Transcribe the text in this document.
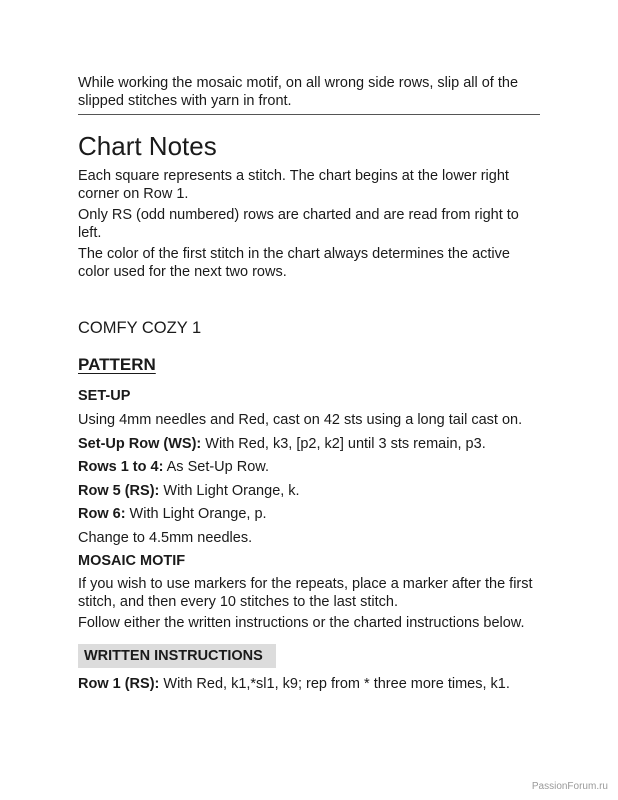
While working the mosaic motif, on all wrong side rows, slip all of the slipped stitches with yarn in front.

Chart Notes

Each square represents a stitch. The chart begins at the lower right corner on Row 1.

Only RS (odd numbered) rows are charted and are read from right to left.

The color of the first stitch in the chart always determines the active color used for the next two rows.

COMFY COZY 1
PATTERN
SET-UP

Using 4mm needles and Red, cast on 42 sts using a long tail cast on.

Set-Up Row (WS): With Red, k3, [p2, k2] until 3 sts remain, p3.

Rows 1 to 4: As Set-Up Row.

Row 5 (RS): With Light Orange, k.

Row 6: With Light Orange, p.

Change to 4.5mm needles.

MOSAIC MOTIF

If you wish to use markers for the repeats, place a marker after the first stitch, and then every 10 stitches to the last stitch.

Follow either the written instructions or the charted instructions below.

WRITTEN INSTRUCTIONS

Row 1 (RS): With Red, k1,*sl1, k9; rep from * three more times, k1.

PassionForum.ru
